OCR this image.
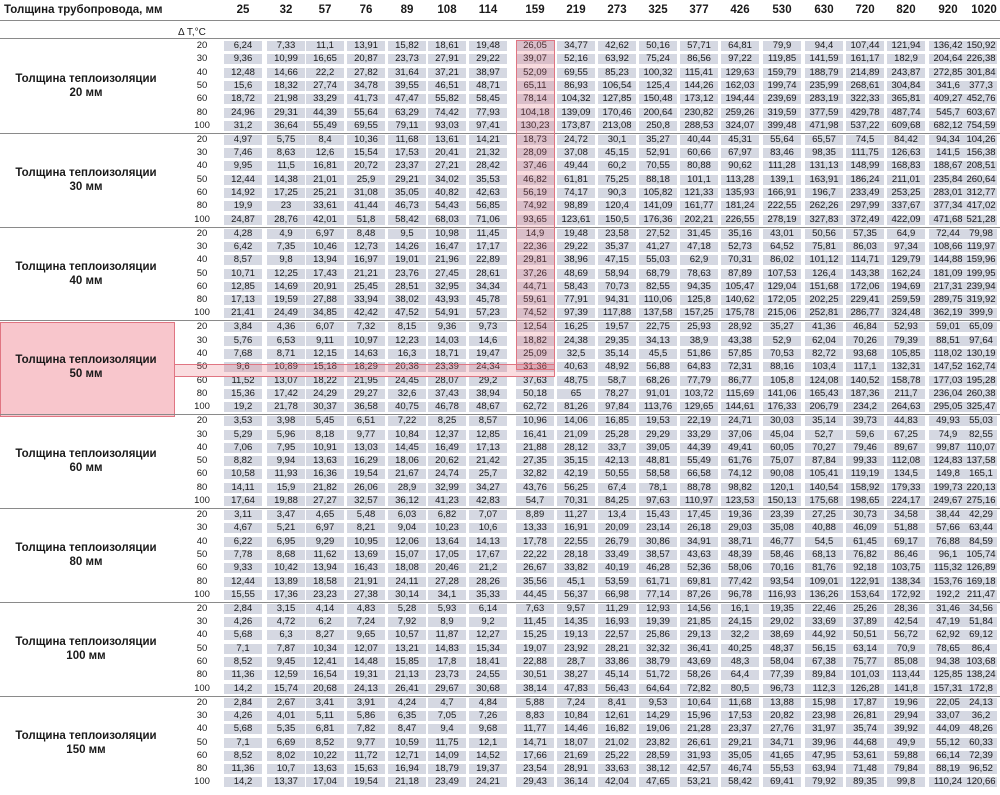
Толщина трубопровода, мм	25	32	57	76	89	108	114	159	219	273	325	377	426	530	630	720	820	920	1020
Δ T,°C
Толщина теплоизоляции
20 мм
20	6,24	7,33	11,1	13,91	15,82	18,61	19,48	26,05	34,77	42,62	50,16	57,71	64,81	79,9	94,4	107,44	121,94	136,42 150,92
30	9,36	10,99	16,65	20,87	23,73	27,91	29,22	39,07	52,16	63,92	75,24	86,56	97,22	119,85	141,59	161,17	182,9	204,64 226,38
40	12,48	14,66	22,2	27,82	31,64	37,21	38,97	52,09	69,55	85,23	100,32	115,41	129,63	159,79	188,79	214,89	243,87	272,85 301,84
50	15,6	18,32	27,74	34,78	39,55	46,51	48,71	65,11	86,93	106,54	125,4	144,26	162,03	199,74	235,99	268,61	304,84	341,6 377,3
60	18,72	21,98	33,29	41,73	47,47	55,82	58,45	78,14	104,32	127,85	150,48	173,12	194,44	239,69	283,19	322,33	365,81	409,27 452,76
80	24,96	29,31	44,39	55,64	63,29	74,42	77,93	104,18	139,09	170,46	200,64	230,82	259,26	319,59	377,59	429,78	487,74	545,7 603,67
100	31,2	36,64	55,49	69,55	79,11	93,03	97,41	130,23	173,87	213,08	250,8	288,53	324,07	399,48	471,98	537,22	609,68	682,12 754,59
Толщина теплоизоляции
30 мм
20	4,97	5,75	8,4	10,36	11,68	13,61	14,21	18,73	24,72	30,1	35,27	40,44	45,31	55,64	65,57	74,5	84,42	94,34 104,26
30	7,46	8,63	12,6	15,54	17,53	20,41	21,32	28,09	37,08	45,15	52,91	60,66	67,97	83,46	98,35	111,75	126,63	141,5 156,38
40	9,95	11,5	16,81	20,72	23,37	27,21	28,42	37,46	49,44	60,2	70,55	80,88	90,62	111,28	131,13	148,99	168,83	188,67 208,51
50	12,44	14,38	21,01	25,9	29,21	34,02	35,53	46,82	61,81	75,25	88,18	101,1	113,28	139,1	163,91	186,24	211,01	235,84 260,64
60	14,92	17,25	25,21	31,08	35,05	40,82	42,63	56,19	74,17	90,3	105,82	121,33	135,93	166,91	196,7	233,49	253,25	283,01 312,77
80	19,9	23	33,61	41,44	46,73	54,43	56,85	74,92	98,89	120,4	141,09	161,77	181,24	222,55	262,26	297,99	337,67	377,34 417,02
100	24,87	28,76	42,01	51,8	58,42	68,03	71,06	93,65	123,61	150,5	176,36	202,21	226,55	278,19	327,83	372,49	422,09	471,68 521,28
Толщина теплоизоляции
40 мм
20	4,28	4,9	6,97	8,48	9,5	10,98	11,45	14,9	19,48	23,58	27,52	31,45	35,16	43,01	50,56	57,35	64,9	72,44 79,98
30	6,42	7,35	10,46	12,73	14,26	16,47	17,17	22,36	29,22	35,37	41,27	47,18	52,73	64,52	75,81	86,03	97,34	108,66 119,97
40	8,57	9,8	13,94	16,97	19,01	21,96	22,89	29,81	38,96	47,15	55,03	62,9	70,31	86,02	101,12	114,71	129,79	144,88 159,96
50	10,71	12,25	17,43	21,21	23,76	27,45	28,61	37,26	48,69	58,94	68,79	78,63	87,89	107,53	126,4	143,38	162,24	181,09 199,95
60	12,85	14,69	20,91	25,45	28,51	32,95	34,34	44,71	58,43	70,73	82,55	94,35	105,47	129,04	151,68	172,06	194,69	217,31 239,94
80	17,13	19,59	27,88	33,94	38,02	43,93	45,78	59,61	77,91	94,31	110,06	125,8	140,62	172,05	202,25	229,41	259,59	289,75 319,92
100	21,41	24,49	34,85	42,42	47,52	54,91	57,23	74,52	97,39	117,88	137,58	157,25	175,78	215,06	252,81	286,77	324,48	362,19 399,9
Толщина теплоизоляции
50 мм
20	3,84	4,36	6,07	7,32	8,15	9,36	9,73	12,54	16,25	19,57	22,75	25,93	28,92	35,27	41,36	46,84	52,93	59,01 65,09
30	5,76	6,53	9,11	10,97	12,23	14,03	14,6	18,82	24,38	29,35	34,13	38,9	43,38	52,9	62,04	70,26	79,39	88,51 97,64
40	7,68	8,71	12,15	14,63	16,3	18,71	19,47	25,09	32,5	35,14	45,5	51,86	57,85	70,53	82,72	93,68	105,85	118,02 130,19
50	9,6	10,89	15,18	18,29	20,38	23,39	24,34	31,36	40,63	48,92	56,88	64,83	72,31	88,16	103,4	117,1	132,31	147,52 162,74
60	11,52	13,07	18,22	21,95	24,45	28,07	29,2	37,63	48,75	58,7	68,26	77,79	86,77	105,8	124,08	140,52	158,78	177,03 195,28
80	15,36	17,42	24,29	29,27	32,6	37,43	38,94	50,18	65	78,27	91,01	103,72	115,69	141,06	165,43	187,36	211,7	236,04 260,38
100	19,2	21,78	30,37	36,58	40,75	46,78	48,67	62,72	81,26	97,84	113,76	129,65	144,61	176,33	206,79	234,2	264,63	295,05 325,47
Толщина теплоизоляции
60 мм
20	3,53	3,98	5,45	6,51	7,22	8,25	8,57	10,96	14,06	16,85	19,53	22,19	24,71	30,03	35,14	39,73	44,83	49,93 55,03
30	5,29	5,96	8,18	9,77	10,84	12,37	12,85	16,41	21,09	25,28	29,29	33,29	37,06	45,04	52,7	59,6	67,25	74,9	82,55
40	7,06	7,95	10,91	13,03	14,45	16,49	17,13	21,88	28,12	33,7	39,05	44,39	49,41	60,05	70,27	79,46	89,67	99,87 110,07
50	8,82	9,94	13,63	16,29	18,06	20,62	21,42	27,35	35,15	42,13	48,81	55,49	61,76	75,07	87,84	99,33	112,08	124,83 137,58
60	10,58	11,93	16,36	19,54	21,67	24,74	25,7	32,82	42,19	50,55	58,58	66,58	74,12	90,08	105,41	119,19	134,5	149,8 165,1
80	14,11	15,9	21,82	26,06	28,9	32,99	34,27	43,76	56,25	67,4	78,1	88,78	98,82	120,1	140,54	158,92	179,33	199,73 220,13
100	17,64	19,88	27,27	32,57	36,12	41,23	42,83	54,7	70,31	84,25	97,63	110,97	123,53	150,13	175,68	198,65	224,17	249,67 275,16
Толщина теплоизоляции
80 мм
20	3,11	3,47	4,65	5,48	6,03	6,82	7,07	8,89	11,27	13,4	15,43	17,45	19,36	23,39	27,25	30,73	34,58	38,44 42,29
30	4,67	5,21	6,97	8,21	9,04	10,23	10,6	13,33	16,91	20,09	23,14	26,18	29,03	35,08	40,88	46,09	51,88	57,66 63,44
40	6,22	6,95	9,29	10,95	12,06	13,64	14,13	17,78	22,55	26,79	30,86	34,91	38,71	46,77	54,5	61,45	69,17	76,88 84,59
50	7,78	8,68	11,62	13,69	15,07	17,05	17,67	22,22	28,18	33,49	38,57	43,63	48,39	58,46	68,13	76,82	86,46	96,1 105,74
60	9,33	10,42	13,94	16,43	18,08	20,46	21,2	26,67	33,82	40,19	46,28	52,36	58,06	70,16	81,76	92,18	103,75	115,32 126,89
80	12,44	13,89	18,58	21,91	24,11	27,28	28,26	35,56	45,1	53,59	61,71	69,81	77,42	93,54	109,01	122,91	138,34	153,76 169,18
100	15,55	17,36	23,23	27,38	30,14	34,1	35,33	44,45	56,37	66,98	77,14	87,26	96,78	116,93	136,26	153,64	172,92	192,2 211,47
Толщина теплоизоляции
100 мм
20	2,84	3,15	4,14	4,83	5,28	5,93	6,14	7,63	9,57	11,29	12,93	14,56	16,1	19,35	22,46	25,26	28,36	31,46 34,56
30	4,26	4,72	6,2	7,24	7,92	8,9	9,2	11,45	14,35	16,93	19,39	21,85	24,15	29,02	33,69	37,89	42,54	47,19 51,84
40	5,68	6,3	8,27	9,65	10,57	11,87	12,27	15,25	19,13	22,57	25,86	29,13	32,2	38,69	44,92	50,51	56,72	62,92 69,12
50	7,1	7,87	10,34	12,07	13,21	14,83	15,34	19,07	23,92	28,21	32,32	36,41	40,25	48,37	56,15	63,14	70,9	78,65	86,4
60	8,52	9,45	12,41	14,48	15,85	17,8	18,41	22,88	28,7	33,86	38,79	43,69	48,3	58,04	67,38	75,77	85,08	94,38 103,68
80	11,36	12,59	16,54	19,31	21,13	23,73	24,55	30,51	38,27	45,14	51,72	58,26	64,4	77,39	89,84	101,03	113,44	125,85 138,24
100	14,2	15,74	20,68	24,13	26,41	29,67	30,68	38,14	47,83	56,43	64,64	72,82	80,5	96,73	112,3	126,28	141,8	157,31 172,8
Толщина теплоизоляции
150 мм
20	2,84	2,67	3,41	3,91	4,24	4,7	4,84	5,88	7,24	8,41	9,53	10,64	11,68	13,88	15,98	17,87	19,96	22,05 24,13
30	4,26	4,01	5,11	5,86	6,35	7,05	7,26	8,83	10,84	12,61	14,29	15,96	17,53	20,82	23,98	26,81	29,94	33,07	36,2
40	5,68	5,35	6,81	7,82	8,47	9,4	9,68	11,77	14,46	16,82	19,06	21,28	23,37	27,76	31,97	35,74	39,92	44,09 48,26
50	7,1	6,69	8,52	9,77	10,59	11,75	12,1	14,71	18,07	21,02	23,82	26,61	29,21	34,71	39,96	44,68	49,9	55,12 60,33
60	8,52	8,02	10,22	11,72	12,71	14,09	14,52	17,66	21,69	25,22	28,59	31,93	35,05	41,65	47,95	53,61	59,88	66,14 72,39
80	11,36	10,7	13,63	15,63	16,94	18,79	19,37	23,54	28,91	33,63	38,12	42,57	46,74	55,53	63,94	71,48	79,84	88,19 96,52
100	14,2	13,37	17,04	19,54	21,18	23,49	24,21	29,43	36,14	42,04	47,65	53,21	58,42	69,41	79,92	89,35	99,8	110,24 120,66
